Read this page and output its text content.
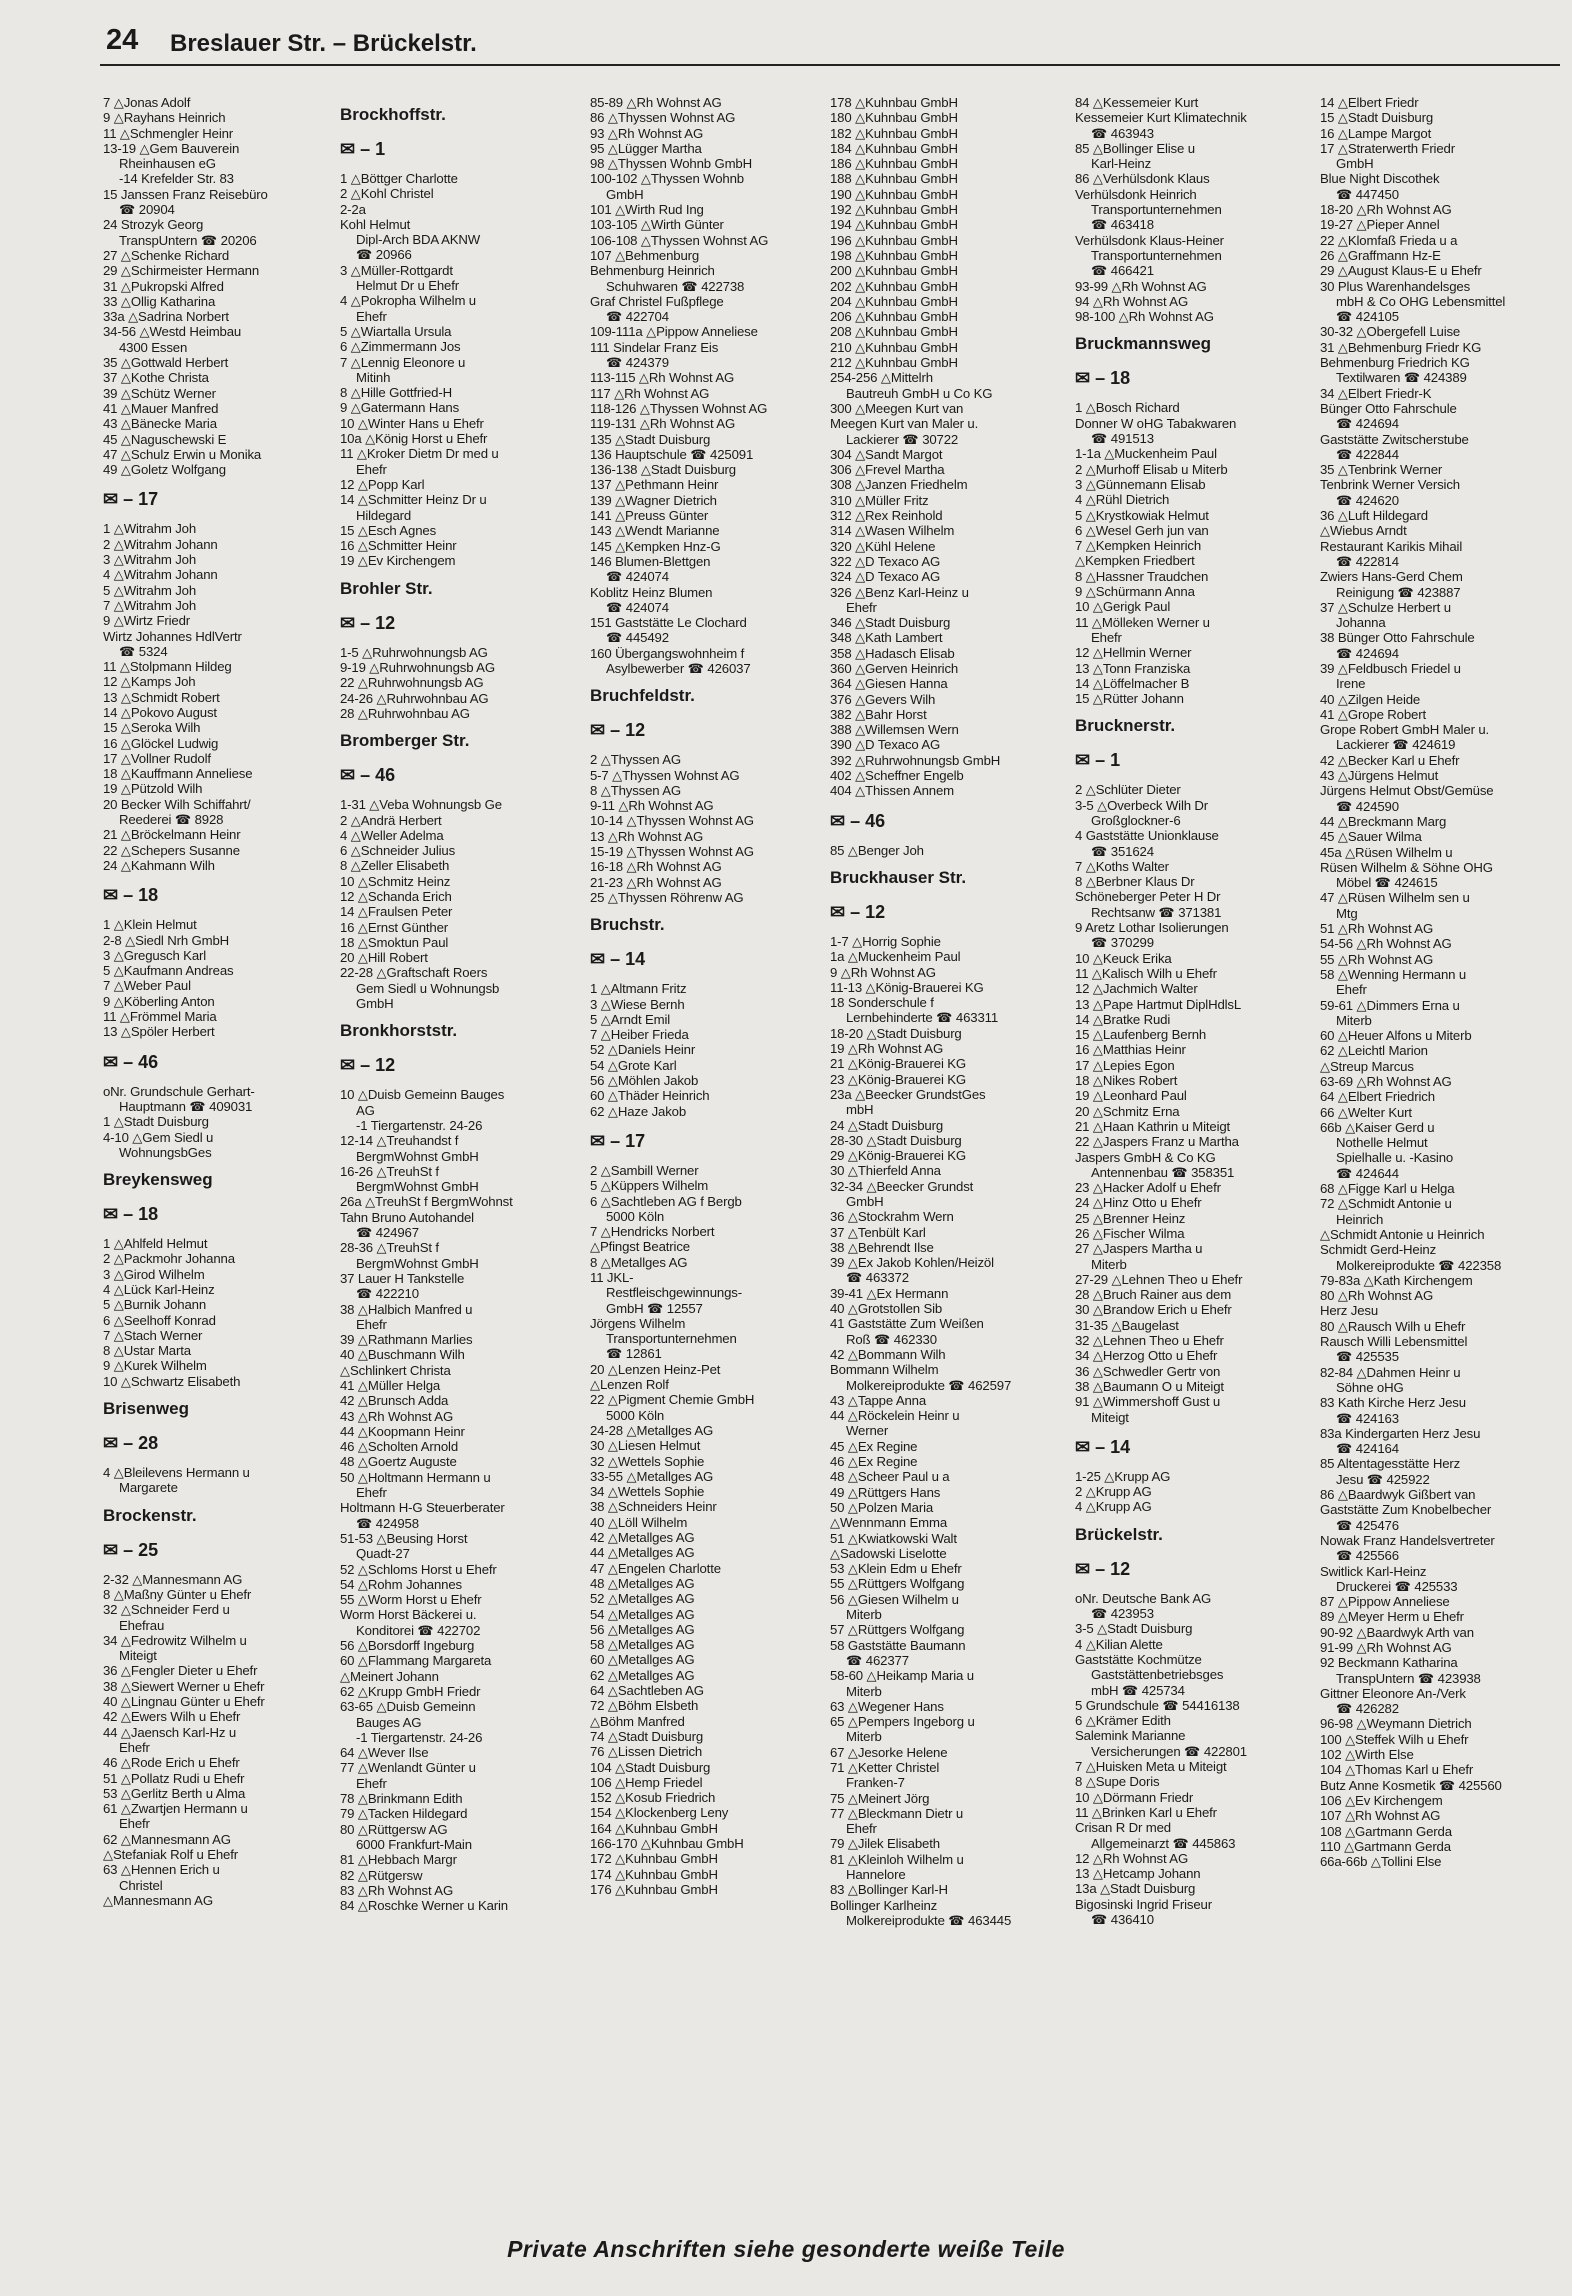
24 Breslauer Str. – Brückelstr.
7 △Jonas Adolf
9 △Rayhans Heinrich
11 △Schmengler Heinr
13-19 △Gem Bauverein
Rheinhausen eG
-14 Krefelder Str. 83
15 Janssen Franz Reisebüro
☎ 20904
24 Strozyk Georg
TranspUntern ☎ 20206
27 △Schenke Richard
29 △Schirmeister Hermann
31 △Pukropski Alfred
33 △Ollig Katharina
33a △Sadrina Norbert
34-56 △Westd Heimbau
4300 Essen
35 △Gottwald Herbert
37 △Kothe Christa
39 △Schütz Werner
41 △Mauer Manfred
43 △Bänecke Maria
45 △Naguschewski E
47 △Schulz Erwin u Monika
49 △Goletz Wolfgang
✉ – 17
1 △Witrahm Joh
2 △Witrahm Johann
3 △Witrahm Joh
4 △Witrahm Johann
5 △Witrahm Joh
7 △Witrahm Joh
9 △Wirtz Friedr
Wirtz Johannes HdlVertr
☎ 5324
11 △Stolpmann Hildeg
12 △Kamps Joh
13 △Schmidt Robert
14 △Pokovo August
15 △Seroka Wilh
16 △Glöckel Ludwig
17 △Vollner Rudolf
18 △Kauffmann Anneliese
19 △Pützold Wilh
20 Becker Wilh Schiffahrt/
Reederei ☎ 8928
21 △Bröckelmann Heinr
22 △Schepers Susanne
24 △Kahmann Wilh
✉ – 18
1 △Klein Helmut
2-8 △Siedl Nrh GmbH
3 △Gregusch Karl
5 △Kaufmann Andreas
7 △Weber Paul
9 △Köberling Anton
11 △Frömmel Maria
13 △Spöler Herbert
✉ – 46
oNr. Grundschule Gerhart-
Hauptmann ☎ 409031
1 △Stadt Duisburg
4-10 △Gem Siedl u
WohnungsbGes
Breykensweg
✉ – 18
1 △Ahlfeld Helmut
2 △Packmohr Johanna
3 △Girod Wilhelm
4 △Lück Karl-Heinz
5 △Burnik Johann
6 △Seelhoff Konrad
7 △Stach Werner
8 △Ustar Marta
9 △Kurek Wilhelm
10 △Schwartz Elisabeth
Brisenweg
✉ – 28
4 △Bleilevens Hermann u
Margarete
Brockenstr.
✉ – 25
2-32 △Mannesmann AG
8 △Maßny Günter u Ehefr
32 △Schneider Ferd u
Ehefrau
34 △Fedrowitz Wilhelm u
Miteigt
36 △Fengler Dieter u Ehefr
38 △Siewert Werner u Ehefr
40 △Lingnau Günter u Ehefr
42 △Ewers Wilh u Ehefr
44 △Jaensch Karl-Hz u
Ehefr
46 △Rode Erich u Ehefr
51 △Pollatz Rudi u Ehefr
53 △Gerlitz Berth u Alma
61 △Zwartjen Hermann u
Ehefr
62 △Mannesmann AG
△Stefaniak Rolf u Ehefr
63 △Hennen Erich u
Christel
△Mannesmann AG
Brockhoffstr.
✉ – 1
1 △Böttger Charlotte
2 △Kohl Christel
2-2a
Kohl Helmut
Dipl-Arch BDA AKNW
☎ 20966
3 △Müller-Rottgardt
Helmut Dr u Ehefr
4 △Pokropha Wilhelm u
Ehefr
5 △Wiartalla Ursula
6 △Zimmermann Jos
7 △Lennig Eleonore u
Mitinh
8 △Hille Gottfried-H
9 △Gatermann Hans
10 △Winter Hans u Ehefr
10a △König Horst u Ehefr
11 △Kroker Dietm Dr med u
Ehefr
12 △Popp Karl
14 △Schmitter Heinz Dr u
Hildegard
15 △Esch Agnes
16 △Schmitter Heinr
19 △Ev Kirchengem
Brohler Str.
✉ – 12
1-5 △Ruhrwohnungsb AG
9-19 △Ruhrwohnungsb AG
22 △Ruhrwohnungsb AG
24-26 △Ruhrwohnbau AG
28 △Ruhrwohnbau AG
Bromberger Str.
✉ – 46
1-31 △Veba Wohnungsb Ge
2 △Andrä Herbert
4 △Weller Adelma
6 △Schneider Julius
8 △Zeller Elisabeth
10 △Schmitz Heinz
12 △Schanda Erich
14 △Fraulsen Peter
16 △Ernst Günther
18 △Smoktun Paul
20 △Hill Robert
22-28 △Graftschaft Roers
Gem Siedl u Wohnungsb
GmbH
Bronkhorststr.
✉ – 12
10 △Duisb Gemeinn Bauges
AG
-1 Tiergartenstr. 24-26
12-14 △Treuhandst f
BergmWohnst GmbH
16-26 △TreuhSt f
BergmWohnst GmbH
26a △TreuhSt f BergmWohnst
Tahn Bruno Autohandel
☎ 424967
28-36 △TreuhSt f
BergmWohnst GmbH
37 Lauer H Tankstelle
☎ 422210
38 △Halbich Manfred u
Ehefr
39 △Rathmann Marlies
40 △Buschmann Wilh
△Schlinkert Christa
41 △Müller Helga
42 △Brunsch Adda
43 △Rh Wohnst AG
44 △Koopmann Heinr
46 △Scholten Arnold
48 △Goertz Auguste
50 △Holtmann Hermann u
Ehefr
Holtmann H-G Steuerberater
☎ 424958
51-53 △Beusing Horst
Quadt-27
52 △Schloms Horst u Ehefr
54 △Rohm Johannes
55 △Worm Horst u Ehefr
Worm Horst Bäckerei u.
Konditorei ☎ 422702
56 △Borsdorff Ingeburg
60 △Flammang Margareta
△Meinert Johann
62 △Krupp GmbH Friedr
63-65 △Duisb Gemeinn
Bauges AG
-1 Tiergartenstr. 24-26
64 △Wever Ilse
77 △Wenlandt Günter u
Ehefr
78 △Brinkmann Edith
79 △Tacken Hildegard
80 △Rüttgersw AG
6000 Frankfurt-Main
81 △Hebbach Margr
82 △Rütgersw
83 △Rh Wohnst AG
84 △Roschke Werner u Karin
85-89 △Rh Wohnst AG
86 △Thyssen Wohnst AG
93 △Rh Wohnst AG
95 △Lügger Martha
98 △Thyssen Wohnb GmbH
100-102 △Thyssen Wohnb
GmbH
101 △Wirth Rud Ing
103-105 △Wirth Günter
106-108 △Thyssen Wohnst AG
107 △Behmenburg
Behmenburg Heinrich
Schuhwaren ☎ 422738
Graf Christel Fußpflege
☎ 422704
109-111a △Pippow Anneliese
111 Sindelar Franz Eis
☎ 424379
113-115 △Rh Wohnst AG
117 △Rh Wohnst AG
118-126 △Thyssen Wohnst AG
119-131 △Rh Wohnst AG
135 △Stadt Duisburg
136 Hauptschule ☎ 425091
136-138 △Stadt Duisburg
137 △Pethmann Heinr
139 △Wagner Dietrich
141 △Preuss Günter
143 △Wendt Marianne
145 △Kempken Hnz-G
146 Blumen-Blettgen
☎ 424074
Koblitz Heinz Blumen
☎ 424074
151 Gaststätte Le Clochard
☎ 445492
160 Übergangswohnheim f
Asylbewerber ☎ 426037
Bruchfeldstr.
✉ – 12
2 △Thyssen AG
5-7 △Thyssen Wohnst AG
8 △Thyssen AG
9-11 △Rh Wohnst AG
10-14 △Thyssen Wohnst AG
13 △Rh Wohnst AG
15-19 △Thyssen Wohnst AG
16-18 △Rh Wohnst AG
21-23 △Rh Wohnst AG
25 △Thyssen Röhrenw AG
Bruchstr.
✉ – 14
1 △Altmann Fritz
3 △Wiese Bernh
5 △Arndt Emil
7 △Heiber Frieda
52 △Daniels Heinr
54 △Grote Karl
56 △Möhlen Jakob
60 △Thäder Heinrich
62 △Haze Jakob
✉ – 17
2 △Sambill Werner
5 △Küppers Wilhelm
6 △Sachtleben AG f Bergb
5000 Köln
7 △Hendricks Norbert
△Pfingst Beatrice
8 △Metallges AG
11 JKL-
Restfleischgewinnungs-
GmbH ☎ 12557
Jörgens Wilhelm
Transportunternehmen
☎ 12861
20 △Lenzen Heinz-Pet
△Lenzen Rolf
22 △Pigment Chemie GmbH
5000 Köln
24-28 △Metallges AG
30 △Liesen Helmut
32 △Wettels Sophie
33-55 △Metallges AG
34 △Wettels Sophie
38 △Schneiders Heinr
40 △Löll Wilhelm
42 △Metallges AG
44 △Metallges AG
47 △Engelen Charlotte
48 △Metallges AG
52 △Metallges AG
54 △Metallges AG
56 △Metallges AG
58 △Metallges AG
60 △Metallges AG
62 △Metallges AG
64 △Sachtleben AG
72 △Böhm Elsbeth
△Böhm Manfred
74 △Stadt Duisburg
76 △Lissen Dietrich
104 △Stadt Duisburg
106 △Hemp Friedel
152 △Kosub Friedrich
154 △Klockenberg Leny
164 △Kuhnbau GmbH
166-170 △Kuhnbau GmbH
172 △Kuhnbau GmbH
174 △Kuhnbau GmbH
176 △Kuhnbau GmbH
178 △Kuhnbau GmbH
180 △Kuhnbau GmbH
182 △Kuhnbau GmbH
184 △Kuhnbau GmbH
186 △Kuhnbau GmbH
188 △Kuhnbau GmbH
190 △Kuhnbau GmbH
192 △Kuhnbau GmbH
194 △Kuhnbau GmbH
196 △Kuhnbau GmbH
198 △Kuhnbau GmbH
200 △Kuhnbau GmbH
202 △Kuhnbau GmbH
204 △Kuhnbau GmbH
206 △Kuhnbau GmbH
208 △Kuhnbau GmbH
210 △Kuhnbau GmbH
212 △Kuhnbau GmbH
254-256 △Mittelrh
Bautreuh GmbH u Co KG
300 △Meegen Kurt van
Meegen Kurt van Maler u.
Lackierer ☎ 30722
304 △Sandt Margot
306 △Frevel Martha
308 △Janzen Friedhelm
310 △Müller Fritz
312 △Rex Reinhold
314 △Wasen Wilhelm
320 △Kühl Helene
322 △D Texaco AG
324 △D Texaco AG
326 △Benz Karl-Heinz u
Ehefr
346 △Stadt Duisburg
348 △Kath Lambert
358 △Hadasch Elisab
360 △Gerven Heinrich
364 △Giesen Hanna
376 △Gevers Wilh
382 △Bahr Horst
388 △Willemsen Wern
390 △D Texaco AG
392 △Ruhrwohnungsb GmbH
402 △Scheffner Engelb
404 △Thissen Annem
✉ – 46
85 △Benger Joh
Bruckhauser Str.
✉ – 12
1-7 △Horrig Sophie
1a △Muckenheim Paul
9 △Rh Wohnst AG
11-13 △König-Brauerei KG
18 Sonderschule f
Lernbehinderte ☎ 463311
18-20 △Stadt Duisburg
19 △Rh Wohnst AG
21 △König-Brauerei KG
23 △König-Brauerei KG
23a △Beecker GrundstGes
mbH
24 △Stadt Duisburg
28-30 △Stadt Duisburg
29 △König-Brauerei KG
30 △Thierfeld Anna
32-34 △Beecker Grundst
GmbH
36 △Stockrahm Wern
37 △Tenbült Karl
38 △Behrendt Ilse
39 △Ex Jakob Kohlen/Heizöl
☎ 463372
39-41 △Ex Hermann
40 △Grotstollen Sib
41 Gaststätte Zum Weißen
Roß ☎ 462330
42 △Bommann Wilh
Bommann Wilhelm
Molkereiprodukte ☎ 462597
43 △Tappe Anna
44 △Röckelein Heinr u
Werner
45 △Ex Regine
46 △Ex Regine
48 △Scheer Paul u a
49 △Rüttgers Hans
50 △Polzen Maria
△Wennmann Emma
51 △Kwiatkowski Walt
△Sadowski Liselotte
53 △Klein Edm u Ehefr
55 △Rüttgers Wolfgang
56 △Giesen Wilhelm u
Miterb
57 △Rüttgers Wolfgang
58 Gaststätte Baumann
☎ 462377
58-60 △Heikamp Maria u
Miterb
63 △Wegener Hans
65 △Pempers Ingeborg u
Miterb
67 △Jesorke Helene
71 △Ketter Christel
Franken-7
75 △Meinert Jörg
77 △Bleckmann Dietr u
Ehefr
79 △Jilek Elisabeth
81 △Kleinloh Wilhelm u
Hannelore
83 △Bollinger Karl-H
Bollinger Karlheinz
Molkereiprodukte ☎ 463445
84 △Kessemeier Kurt
Kessemeier Kurt Klimatechnik
☎ 463943
85 △Bollinger Elise u
Karl-Heinz
86 △Verhülsdonk Klaus
Verhülsdonk Heinrich
Transportunternehmen
☎ 463418
Verhülsdonk Klaus-Heiner
Transportunternehmen
☎ 466421
93-99 △Rh Wohnst AG
94 △Rh Wohnst AG
98-100 △Rh Wohnst AG
Bruckmannsweg
✉ – 18
1 △Bosch Richard
Donner W oHG Tabakwaren
☎ 491513
1-1a △Muckenheim Paul
2 △Murhoff Elisab u Miterb
3 △Günnemann Elisab
4 △Rühl Dietrich
5 △Krystkowiak Helmut
6 △Wesel Gerh jun van
7 △Kempken Heinrich
△Kempken Friedbert
8 △Hassner Traudchen
9 △Schürmann Anna
10 △Gerigk Paul
11 △Mölleken Werner u
Ehefr
12 △Hellmin Werner
13 △Tonn Franziska
14 △Löffelmacher B
15 △Rütter Johann
Brucknerstr.
✉ – 1
2 △Schlüter Dieter
3-5 △Overbeck Wilh Dr
Großglockner-6
4 Gaststätte Unionklause
☎ 351624
7 △Koths Walter
8 △Berbner Klaus Dr
Schöneberger Peter H Dr
Rechtsanw ☎ 371381
9 Aretz Lothar Isolierungen
☎ 370299
10 △Keuck Erika
11 △Kalisch Wilh u Ehefr
12 △Jachmich Walter
13 △Pape Hartmut DiplHdlsL
14 △Bratke Rudi
15 △Laufenberg Bernh
16 △Matthias Heinr
17 △Lepies Egon
18 △Nikes Robert
19 △Leonhard Paul
20 △Schmitz Erna
21 △Haan Kathrin u Miteigt
22 △Jaspers Franz u Martha
Jaspers GmbH & Co KG
Antennenbau ☎ 358351
23 △Hacker Adolf u Ehefr
24 △Hinz Otto u Ehefr
25 △Brenner Heinz
26 △Fischer Wilma
27 △Jaspers Martha u
Miterb
27-29 △Lehnen Theo u Ehefr
28 △Bruch Rainer aus dem
30 △Brandow Erich u Ehefr
31-35 △Baugelast
32 △Lehnen Theo u Ehefr
34 △Herzog Otto u Ehefr
36 △Schwedler Gertr von
38 △Baumann O u Miteigt
91 △Wimmershoff Gust u
Miteigt
✉ – 14
1-25 △Krupp AG
2 △Krupp AG
4 △Krupp AG
Brückelstr.
✉ – 12
oNr. Deutsche Bank AG
☎ 423953
3-5 △Stadt Duisburg
4 △Kilian Alette
Gaststätte Kochmütze
Gaststättenbetriebsges
mbH ☎ 425734
5 Grundschule ☎ 54416138
6 △Krämer Edith
Salemink Marianne
Versicherungen ☎ 422801
7 △Huisken Meta u Miteigt
8 △Supe Doris
10 △Dörmann Friedr
11 △Brinken Karl u Ehefr
Crisan R Dr med
Allgemeinarzt ☎ 445863
12 △Rh Wohnst AG
13 △Hetcamp Johann
13a △Stadt Duisburg
Bigosinski Ingrid Friseur
☎ 436410
14 △Elbert Friedr
15 △Stadt Duisburg
16 △Lampe Margot
17 △Straterwerth Friedr
GmbH
Blue Night Discothek
☎ 447450
18-20 △Rh Wohnst AG
19-27 △Pieper Annel
22 △Klomfaß Frieda u a
26 △Graffmann Hz-E
29 △August Klaus-E u Ehefr
30 Plus Warenhandelsges
mbH & Co OHG Lebensmittel
☎ 424105
30-32 △Obergefell Luise
31 △Behmenburg Friedr KG
Behmenburg Friedrich KG
Textilwaren ☎ 424389
34 △Elbert Friedr-K
Bünger Otto Fahrschule
☎ 424694
Gaststätte Zwitscherstube
☎ 422844
35 △Tenbrink Werner
Tenbrink Werner Versich
☎ 424620
36 △Luft Hildegard
△Wiebus Arndt
Restaurant Karikis Mihail
☎ 422814
Zwiers Hans-Gerd Chem
Reinigung ☎ 423887
37 △Schulze Herbert u
Johanna
38 Bünger Otto Fahrschule
☎ 424694
39 △Feldbusch Friedel u
Irene
40 △Zilgen Heide
41 △Grope Robert
Grope Robert GmbH Maler u.
Lackierer ☎ 424619
42 △Becker Karl u Ehefr
43 △Jürgens Helmut
Jürgens Helmut Obst/Gemüse
☎ 424590
44 △Breckmann Marg
45 △Sauer Wilma
45a △Rüsen Wilhelm u
Rüsen Wilhelm & Söhne OHG
Möbel ☎ 424615
47 △Rüsen Wilhelm sen u
Mtg
51 △Rh Wohnst AG
54-56 △Rh Wohnst AG
55 △Rh Wohnst AG
58 △Wenning Hermann u
Ehefr
59-61 △Dimmers Erna u
Miterb
60 △Heuer Alfons u Miterb
62 △Leichtl Marion
△Streup Marcus
63-69 △Rh Wohnst AG
64 △Elbert Friedrich
66 △Welter Kurt
66b △Kaiser Gerd u
Nothelle Helmut
Spielhalle u. -Kasino
☎ 424644
68 △Figge Karl u Helga
72 △Schmidt Antonie u
Heinrich
△Schmidt Antonie u Heinrich
Schmidt Gerd-Heinz
Molkereiprodukte ☎ 422358
79-83a △Kath Kirchengem
80 △Rh Wohnst AG
Herz Jesu
80 △Rausch Wilh u Ehefr
Rausch Willi Lebensmittel
☎ 425535
82-84 △Dahmen Heinr u
Söhne oHG
83 Kath Kirche Herz Jesu
☎ 424163
83a Kindergarten Herz Jesu
☎ 424164
85 Altentagesstätte Herz
Jesu ☎ 425922
86 △Baardwyk Gißbert van
Gaststätte Zum Knobelbecher
☎ 425476
Nowak Franz Handelsvertreter
☎ 425566
Switlick Karl-Heinz
Druckerei ☎ 425533
87 △Pippow Anneliese
89 △Meyer Herm u Ehefr
90-92 △Baardwyk Arth van
91-99 △Rh Wohnst AG
92 Beckmann Katharina
TranspUntern ☎ 423938
Gittner Eleonore An-/Verk
☎ 426282
96-98 △Weymann Dietrich
100 △Steffek Wilh u Ehefr
102 △Wirth Else
104 △Thomas Karl u Ehefr
Butz Anne Kosmetik ☎ 425560
106 △Ev Kirchengem
107 △Rh Wohnst AG
108 △Gartmann Gerda
110 △Gartmann Gerda
66a-66b △Tollini Else
Private Anschriften siehe gesonderte weiße Teile
